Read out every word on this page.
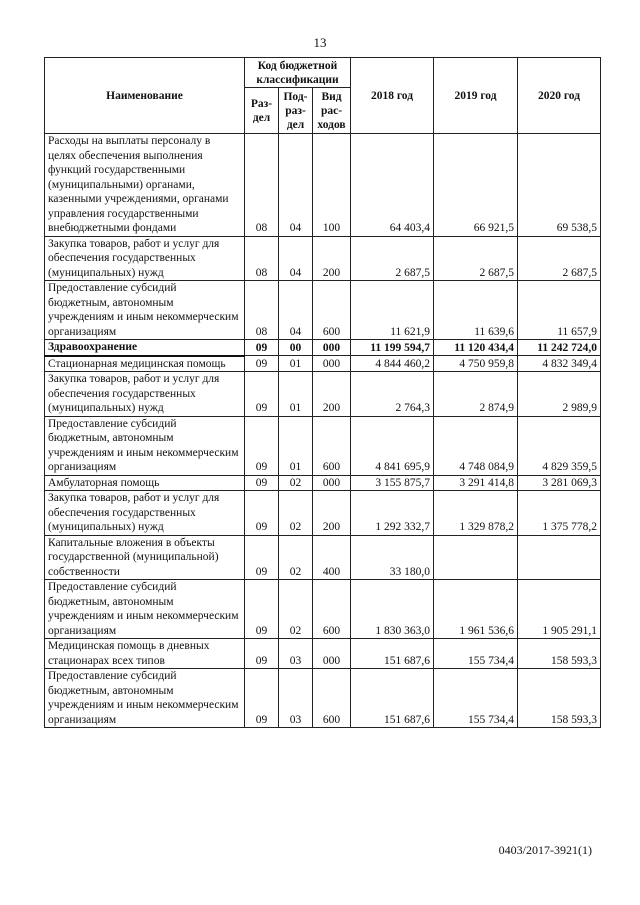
13
Наименование	Код бюджетной классификации			2018 год	2019 год	2020 год
	Раз-дел	Под-раз-дел	Вид рас-ходов			
Расходы на выплаты персоналу в целях обеспечения выполнения функций государственными (муниципальными) органами, казенными учреждениями, органами управления государственными внебюджетными фондами	08	04	100	64 403,4	66 921,5	69 538,5
Закупка товаров, работ и услуг для обеспечения государственных (муниципальных) нужд	08	04	200	2 687,5	2 687,5	2 687,5
Предоставление субсидий бюджетным, автономным учреждениям и иным некоммерческим организациям	08	04	600	11 621,9	11 639,6	11 657,9
Здравоохранение	09	00	000	11 199 594,7	11 120 434,4	11 242 724,0
Стационарная медицинская помощь	09	01	000	4 844 460,2	4 750 959,8	4 832 349,4
Закупка товаров, работ и услуг для обеспечения государственных (муниципальных) нужд	09	01	200	2 764,3	2 874,9	2 989,9
Предоставление субсидий бюджетным, автономным учреждениям и иным некоммерческим организациям	09	01	600	4 841 695,9	4 748 084,9	4 829 359,5
Амбулаторная помощь	09	02	000	3 155 875,7	3 291 414,8	3 281 069,3
Закупка товаров, работ и услуг для обеспечения государственных (муниципальных) нужд	09	02	200	1 292 332,7	1 329 878,2	1 375 778,2
Капитальные вложения в объекты государственной (муниципальной) собственности	09	02	400	33 180,0		
Предоставление субсидий бюджетным, автономным учреждениям и иным некоммерческим организациям	09	02	600	1 830 363,0	1 961 536,6	1 905 291,1
Медицинская помощь в дневных стационарах всех типов	09	03	000	151 687,6	155 734,4	158 593,3
Предоставление субсидий бюджетным, автономным учреждениям и иным некоммерческим организациям	09	03	600	151 687,6	155 734,4	158 593,3
0403/2017-3921(1)
